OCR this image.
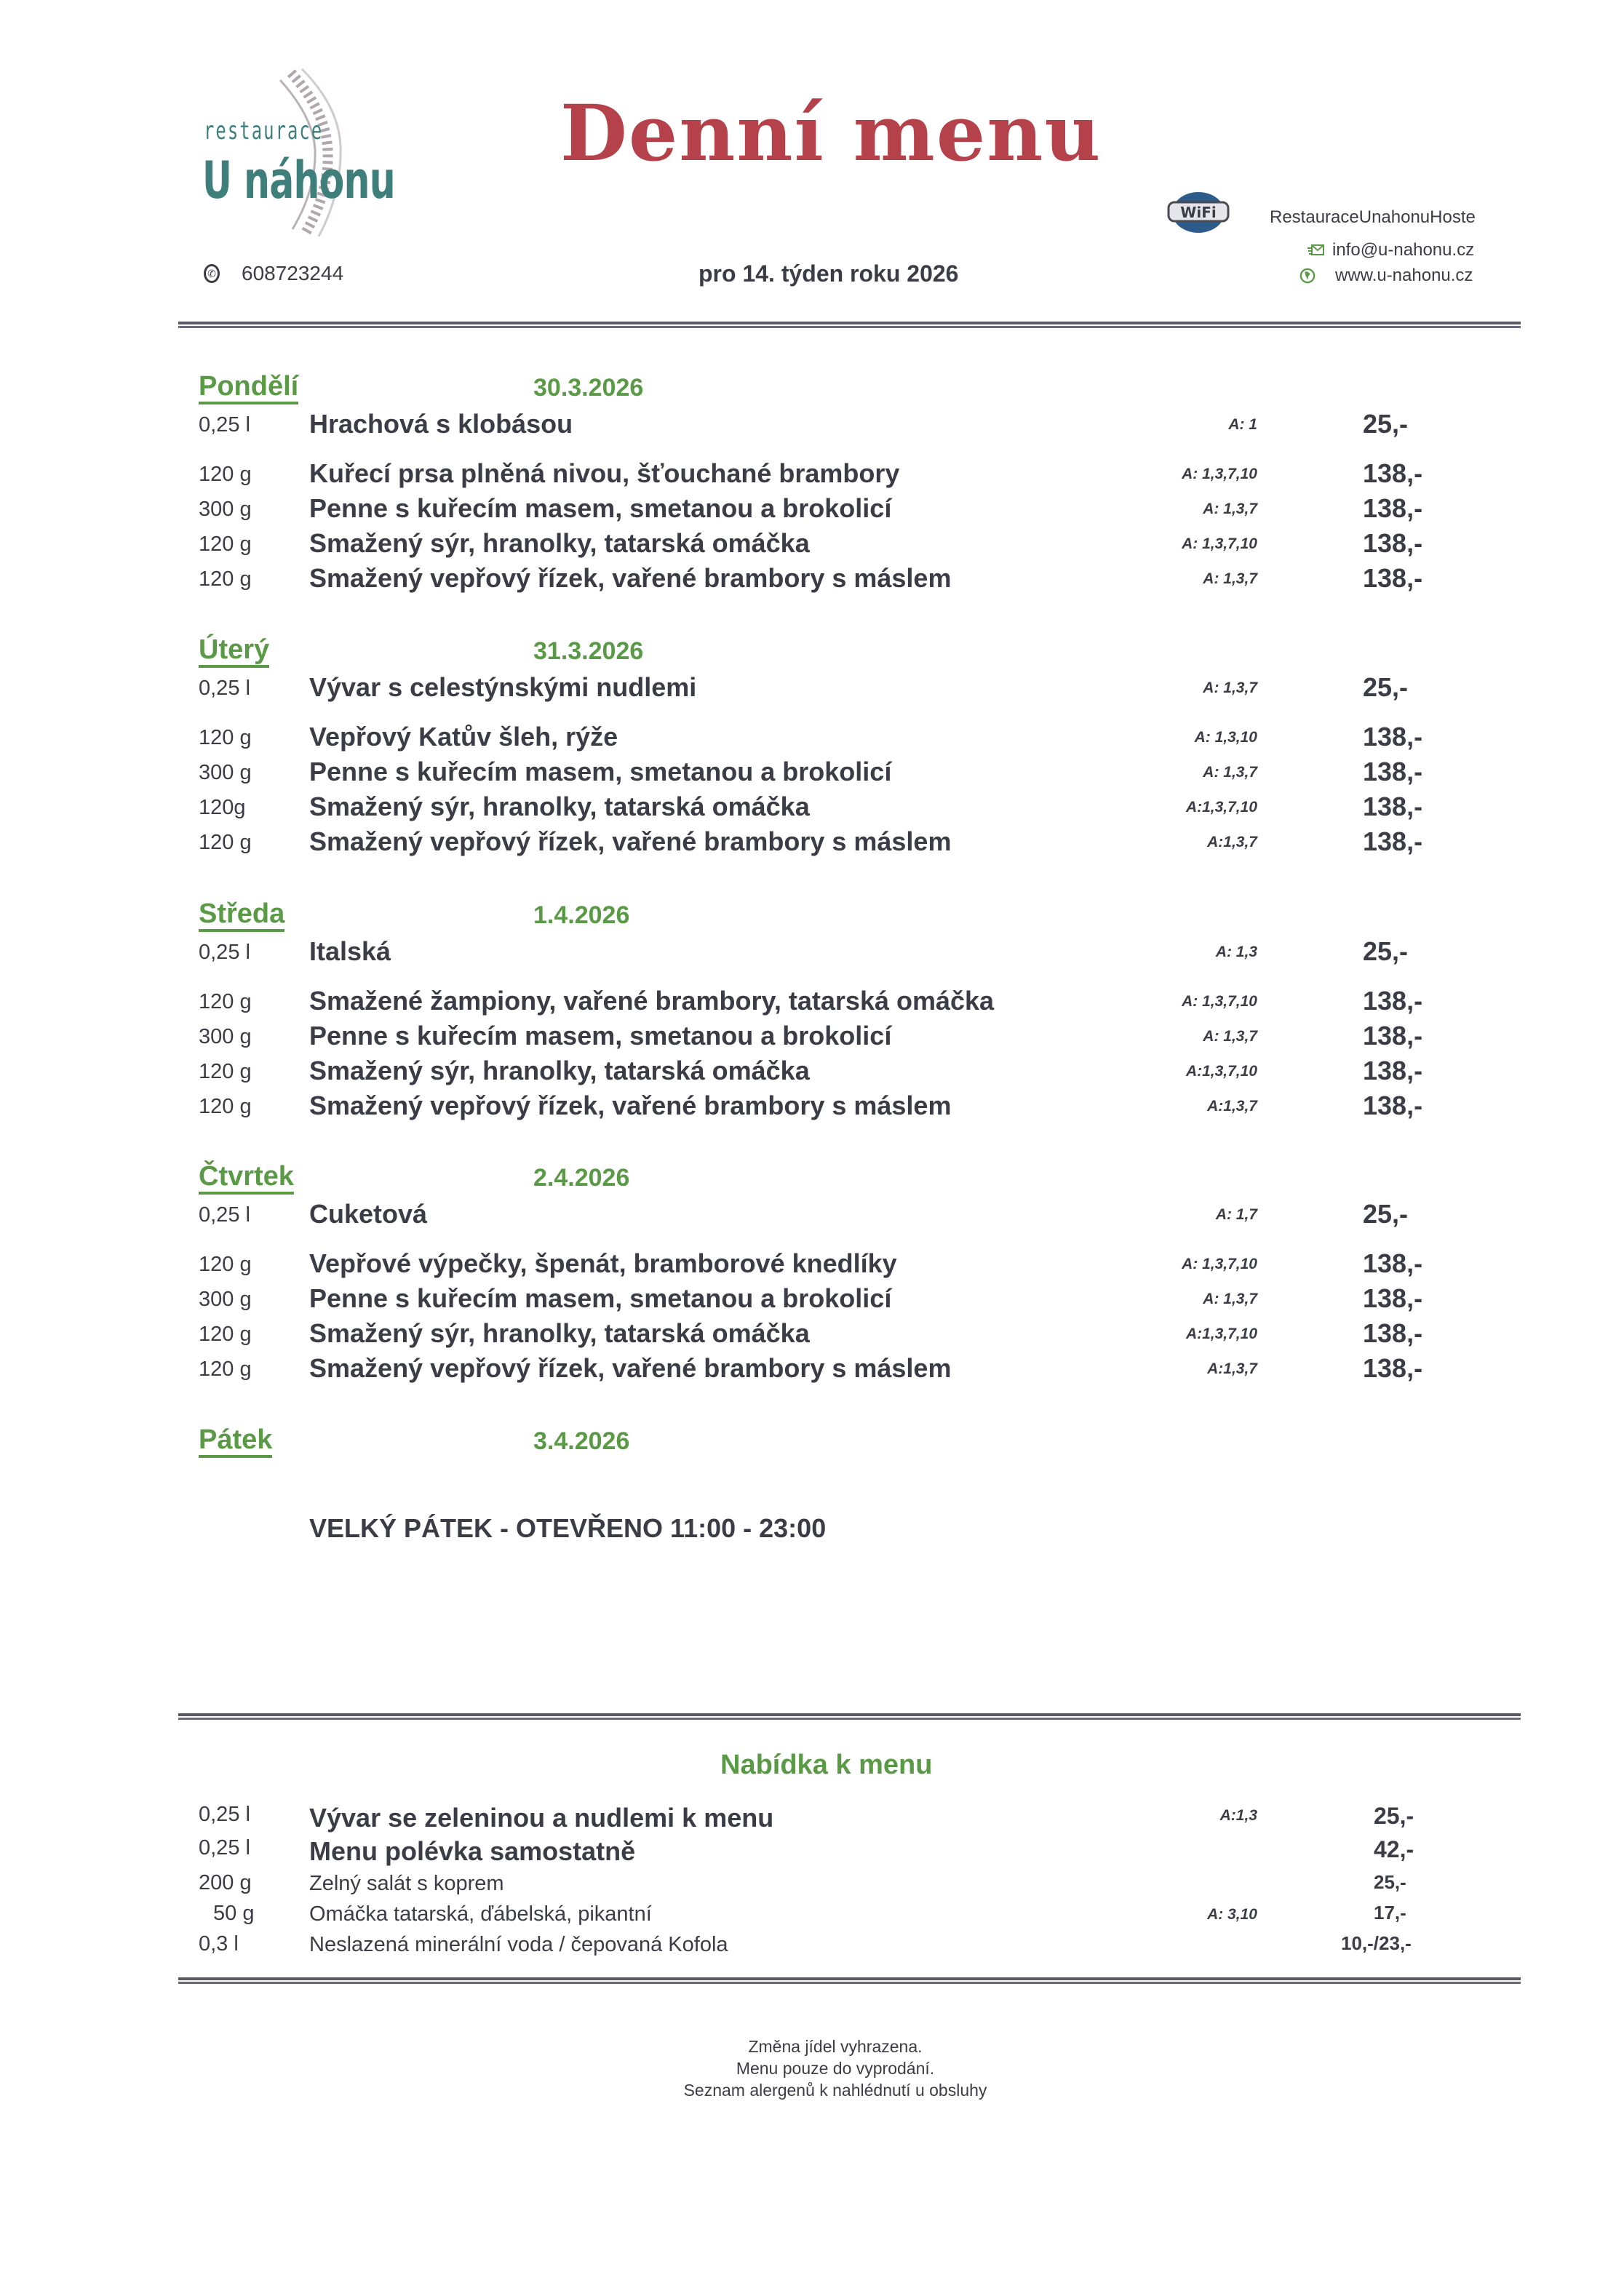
restaurace
U náhonu
Denní menu
✆ 608723244	pro 14. týden roku 2026
WiFi	RestauraceUnahonuHoste
info@u-nahonu.cz
www.u-nahonu.cz
Pondělí	30.3.2026
0,25 l Hrachová s klobásou	A: 1	25,-
120 g Kuřecí prsa plněná nivou, šťouchané brambory	A: 1,3,7,10	138,-
300 g Penne s kuřecím masem, smetanou a brokolicí	A: 1,3,7	138,-
120 g Smažený sýr, hranolky, tatarská omáčka	A: 1,3,7,10	138,-
120 g Smažený vepřový řízek, vařené brambory s máslem	A: 1,3,7	138,-
Úterý	31.3.2026
0,25 l Vývar s celestýnskými nudlemi	A: 1,3,7	25,-
120 g Vepřový Katův šleh, rýže	A: 1,3,10	138,-
300 g Penne s kuřecím masem, smetanou a brokolicí	A: 1,3,7	138,-
120g Smažený sýr, hranolky, tatarská omáčka	A:1,3,7,10	138,-
120 g Smažený vepřový řízek, vařené brambory s máslem	A:1,3,7	138,-
Středa	1.4.2026
0,25 l Italská	A: 1,3	25,-
120 g Smažené žampiony, vařené brambory, tatarská omáčka	A: 1,3,7,10	138,-
300 g Penne s kuřecím masem, smetanou a brokolicí	A: 1,3,7	138,-
120 g Smažený sýr, hranolky, tatarská omáčka	A:1,3,7,10	138,-
120 g Smažený vepřový řízek, vařené brambory s máslem	A:1,3,7	138,-
Čtvrtek	2.4.2026
0,25 l Cuketová	A: 1,7	25,-
120 g Vepřové výpečky, špenát, bramborové knedlíky	A: 1,3,7,10	138,-
300 g Penne s kuřecím masem, smetanou a brokolicí	A: 1,3,7	138,-
120 g Smažený sýr, hranolky, tatarská omáčka	A:1,3,7,10	138,-
120 g Smažený vepřový řízek, vařené brambory s máslem	A:1,3,7	138,-
Pátek	3.4.2026
VELKÝ PÁTEK - OTEVŘENO 11:00 - 23:00
Nabídka k menu
0,25 l Vývar se zeleninou a nudlemi k menu	A:1,3	25,-
0,25 l Menu polévka samostatně	42,-
200 g	Zelný salát s koprem	25,-
50 g	Omáčka tatarská, ďábelská, pikantní	A: 3,10	17,-
0,3 l	Neslazená minerální voda / čepovaná Kofola	10,-/23,-
Změna jídel vyhrazena.
Menu pouze do vyprodání.
Seznam alergenů k nahlédnutí u obsluhy
